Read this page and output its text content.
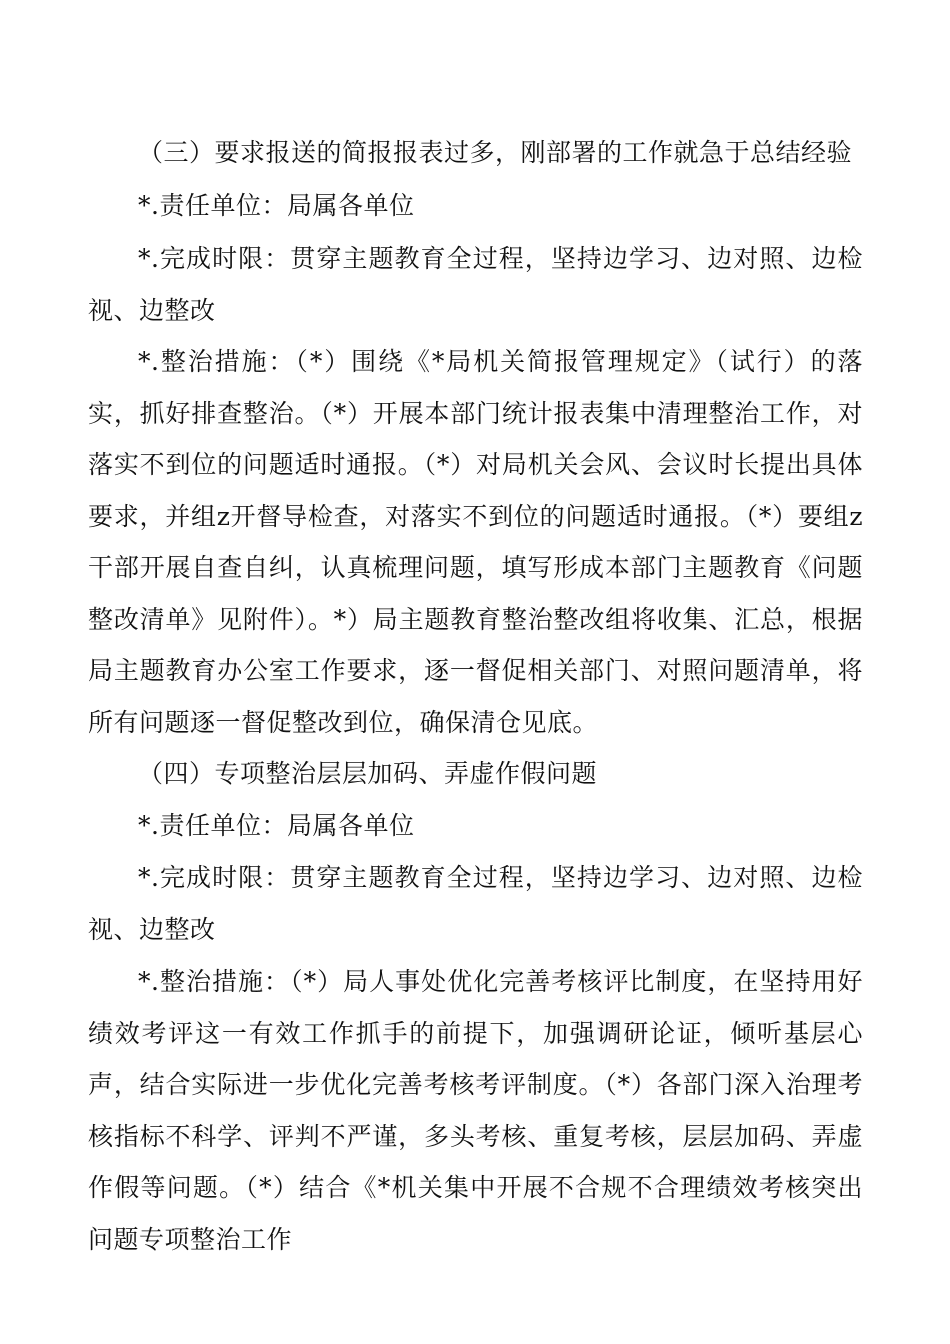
（三）要求报送的简报报表过多，刚部署的工作就急于总结经验

*.责任单位：局属各单位

*.完成时限：贯穿主题教育全过程，坚持边学习、边对照、边检视、边整改

*.整治措施：（*）围绕《*局机关简报管理规定》（试行）的落实，抓好排查整治。（*）开展本部门统计报表集中清理整治工作，对落实不到位的问题适时通报。（*）对局机关会风、会议时长提出具体要求，并组z开督导检查，对落实不到位的问题适时通报。（*）要组z干部开展自查自纠，认真梳理问题，填写形成本部门主题教育《问题整改清单》见附件）。*）局主题教育整治整改组将收集、汇总，根据局主题教育办公室工作要求，逐一督促相关部门、对照问题清单，将所有问题逐一督促整改到位，确保清仓见底。

（四）专项整治层层加码、弄虚作假问题

*.责任单位：局属各单位

*.完成时限：贯穿主题教育全过程，坚持边学习、边对照、边检视、边整改

*.整治措施：（*）局人事处优化完善考核评比制度，在坚持用好绩效考评这一有效工作抓手的前提下，加强调研论证，倾听基层心声，结合实际进一步优化完善考核考评制度。（*）各部门深入治理考核指标不科学、评判不严谨，多头考核、重复考核，层层加码、弄虚作假等问题。（*）结合《*机关集中开展不合规不合理绩效考核突出问题专项整治工作
